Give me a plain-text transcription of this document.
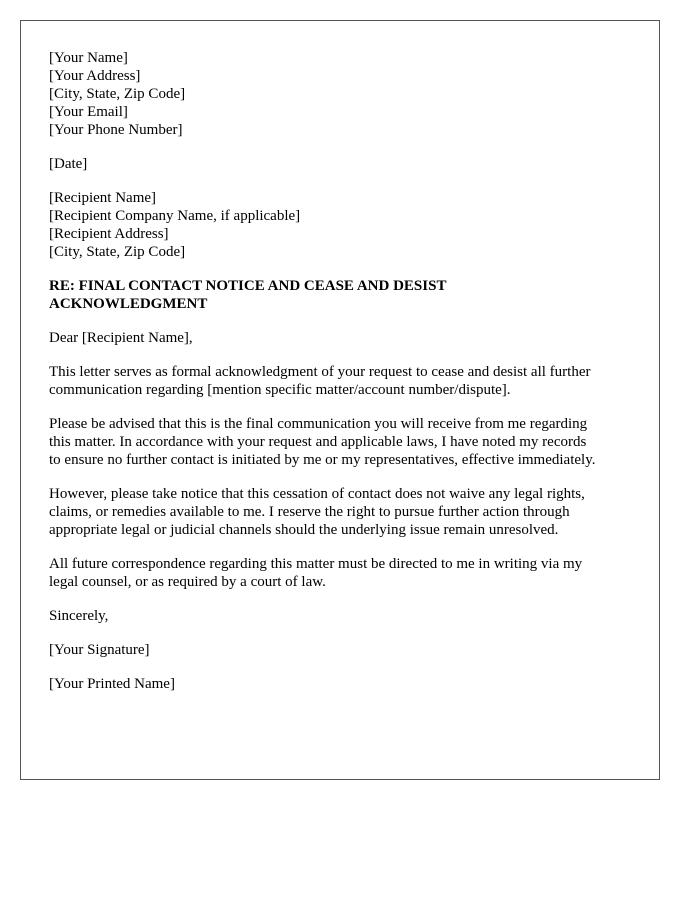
[Your Name]
[Your Address]
[City, State, Zip Code]
[Your Email]
[Your Phone Number]
[Date]
[Recipient Name]
[Recipient Company Name, if applicable]
[Recipient Address]
[City, State, Zip Code]
RE: FINAL CONTACT NOTICE AND CEASE AND DESIST
ACKNOWLEDGMENT
Dear [Recipient Name],
This letter serves as formal acknowledgment of your request to cease and desist all further
communication regarding [mention specific matter/account number/dispute].
Please be advised that this is the final communication you will receive from me regarding
this matter. In accordance with your request and applicable laws, I have noted my records
to ensure no further contact is initiated by me or my representatives, effective immediately.
However, please take notice that this cessation of contact does not waive any legal rights,
claims, or remedies available to me. I reserve the right to pursue further action through
appropriate legal or judicial channels should the underlying issue remain unresolved.
All future correspondence regarding this matter must be directed to me in writing via my
legal counsel, or as required by a court of law.
Sincerely,
[Your Signature]
[Your Printed Name]
